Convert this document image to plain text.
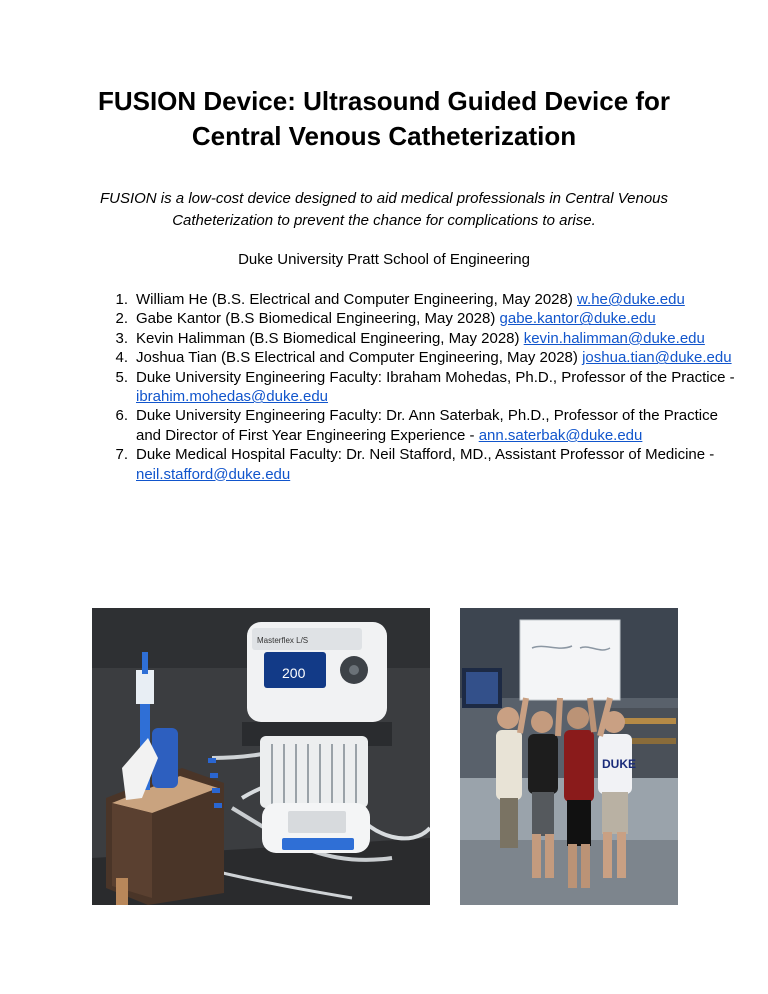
FUSION Device: Ultrasound Guided Device for Central Venous Catheterization

FUSION is a low-cost device designed to aid medical professionals in Central Venous Catheterization to prevent the chance for complications to arise.

Duke University Pratt School of Engineering

William He (B.S. Electrical and Computer Engineering, May 2028) w.he@duke.edu
Gabe Kantor (B.S Biomedical Engineering, May 2028) gabe.kantor@duke.edu
Kevin Halimman (B.S Biomedical Engineering, May 2028) kevin.halimman@duke.edu
Joshua Tian (B.S Electrical and Computer Engineering, May 2028) joshua.tian@duke.edu
Duke University Engineering Faculty: Ibraham Mohedas, Ph.D., Professor of the Practice - ibrahim.mohedas@duke.edu
Duke University Engineering Faculty: Dr. Ann Saterbak, Ph.D., Professor of the Practice and Director of First Year Engineering Experience - ann.saterbak@duke.edu
Duke Medical Hospital Faculty: Dr. Neil Stafford, MD., Assistant Professor of Medicine - neil.stafford@duke.edu
Masterflex L/S
200
DUKE
